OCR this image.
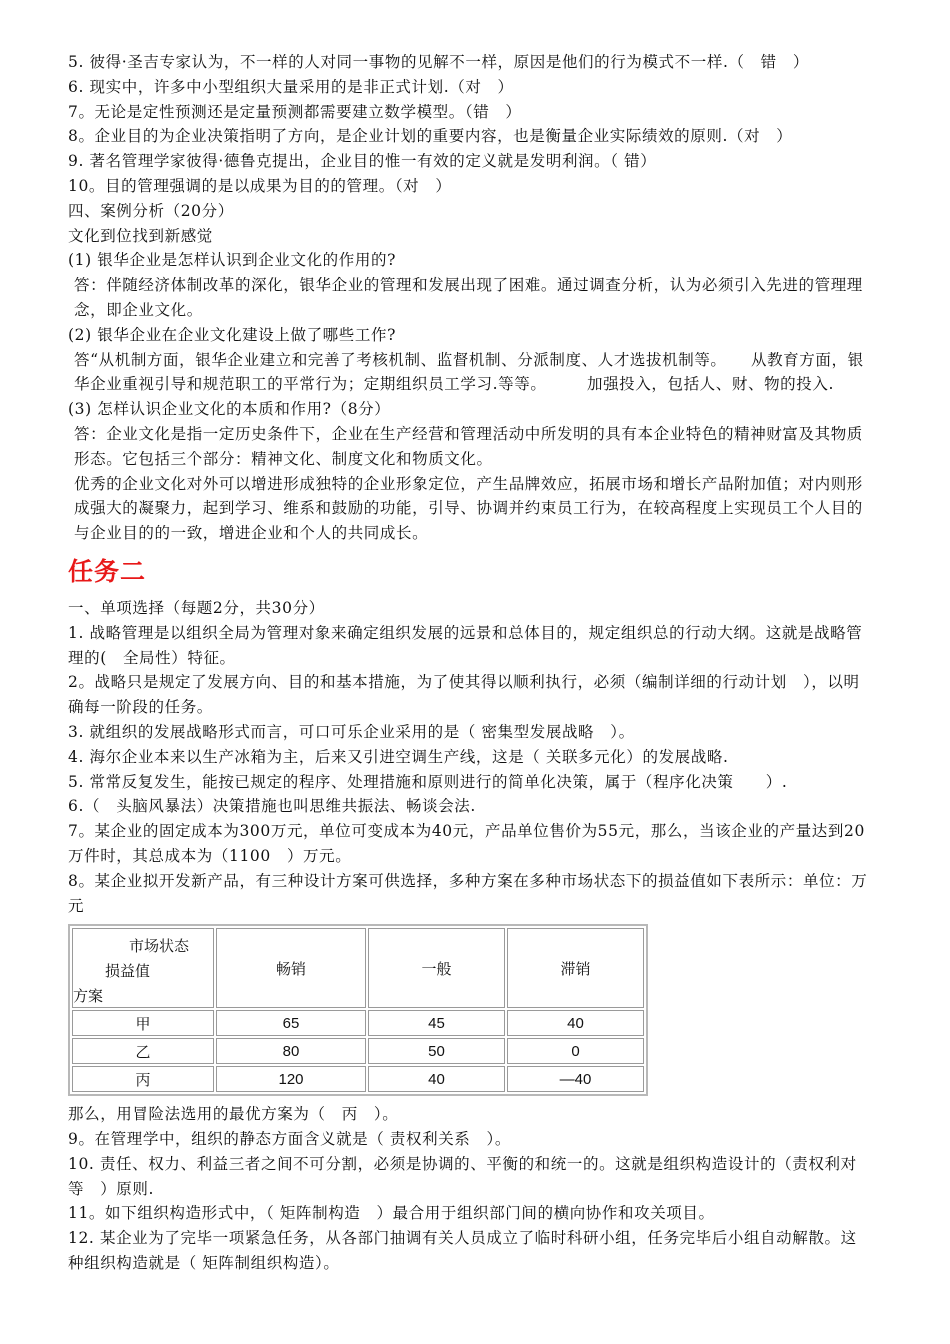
5. 彼得·圣吉专家认为，不一样的人对同一事物的见解不一样，原因是他们的行为模式不一样.（　错　）

6. 现实中，许多中小型组织大量采用的是非正式计划.（对　）

7。无论是定性预测还是定量预测都需要建立数学模型。（错　）

8。企业目的为企业决策指明了方向，是企业计划的重要内容，也是衡量企业实际绩效的原则.（对　）

9. 著名管理学家彼得·德鲁克提出，企业目的惟一有效的定义就是发明利润。（ 错）

10。目的管理强调的是以成果为目的的管理。（对　）

四、案例分析（20分）

文化到位找到新感觉

(1) 银华企业是怎样认识到企业文化的作用的?

答：伴随经济体制改革的深化，银华企业的管理和发展出现了困难。通过调查分析，认为必须引入先进的管理理念，即企业文化。

(2) 银华企业在企业文化建设上做了哪些工作?

答“从机制方面，银华企业建立和完善了考核机制、监督机制、分派制度、人才选拔机制等。　　从教育方面，银华企业重视引导和规范职工的平常行为；定期组织员工学习.等等。　　　加强投入，包括人、财、物的投入.

(3) 怎样认识企业文化的本质和作用?（8分）

答：企业文化是指一定历史条件下，企业在生产经营和管理活动中所发明的具有本企业特色的精神财富及其物质形态。它包括三个部分：精神文化、制度文化和物质文化。

优秀的企业文化对外可以增进形成独特的企业形象定位，产生品牌效应，拓展市场和增长产品附加值；对内则形成强大的凝聚力，起到学习、维系和鼓励的功能，引导、协调并约束员工行为，在较高程度上实现员工个人目的与企业目的的一致，增进企业和个人的共同成长。

任务二

一、单项选择（每题2分，共30分）

1. 战略管理是以组织全局为管理对象来确定组织发展的远景和总体目的，规定组织总的行动大纲。这就是战略管理的(　全局性）特征。

2。战略只是规定了发展方向、目的和基本措施，为了使其得以顺利执行，必须（编制详细的行动计划　），以明确每一阶段的任务。

3. 就组织的发展战略形式而言，可口可乐企业采用的是（ 密集型发展战略　）。

4. 海尔企业本来以生产冰箱为主，后来又引进空调生产线，这是（ 关联多元化）的发展战略.

5. 常常反复发生，能按已规定的程序、处理措施和原则进行的简单化决策，属于（程序化决策　　）.

6.（　头脑风暴法）决策措施也叫思维共振法、畅谈会法.

7。某企业的固定成本为300万元，单位可变成本为40元，产品单位售价为55元，那么，当该企业的产量达到20万件时，其总成本为（1100　）万元。

8。某企业拟开发新产品，有三种设计方案可供选择，多种方案在多种市场状态下的损益值如下表所示：单位：万元

市场状态
损益值
方案	畅销	一般	滞销
甲	65	45	40
乙	80	50	0
丙	120	40	—40

那么，用冒险法选用的最优方案为（　丙　）。

9。在管理学中，组织的静态方面含义就是（ 责权利关系　）。

10. 责任、权力、利益三者之间不可分割，必须是协调的、平衡的和统一的。这就是组织构造设计的（责权利对等　）原则.

11。如下组织构造形式中，（ 矩阵制构造　）最合用于组织部门间的横向协作和攻关项目。

12. 某企业为了完毕一项紧急任务，从各部门抽调有关人员成立了临时科研小组，任务完毕后小组自动解散。这种组织构造就是（ 矩阵制组织构造）。
